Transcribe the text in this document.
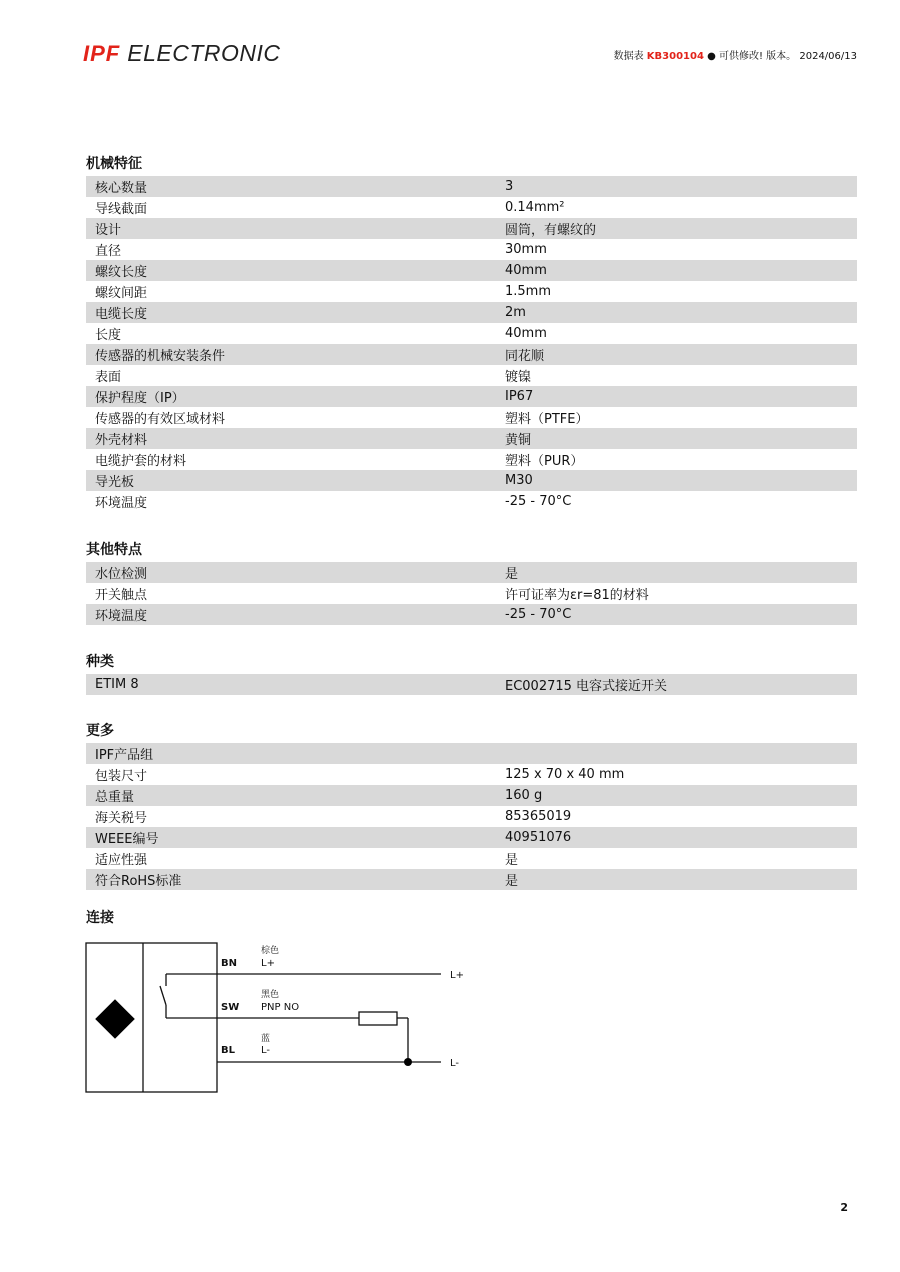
IPF ELECTRONIC	数据表 KB300104 ● 可供修改! 版本。 2024/06/13
机械特征
核心数量	3
导线截面	0.14mm²
设计	圆筒，有螺纹的
直径	30mm
螺纹长度	40mm
螺纹间距	1.5mm
电缆长度	2m
长度	40mm
传感器的机械安装条件	同花顺
表面	镀镍
保护程度（IP）	IP67
传感器的有效区域材料	塑料（PTFE）
外壳材料	黄铜
电缆护套的材料	塑料（PUR）
导光板	M30
环境温度	-25 - 70°C
其他特点
水位检测	是
开关触点	许可证率为εr=81的材料
环境温度	-25 - 70°C
种类
ETIM 8	EC002715 电容式接近开关
更多
IPF产品组
包装尺寸	125 x 70 x 40 mm
总重量	160 g
海关税号	85365019
WEEE编号	40951076
适应性强	是
符合RoHS标准	是
连接
BN
棕色
L+
SW
黑色
PNP NO
BL
蓝
L-
L+
L-
2
